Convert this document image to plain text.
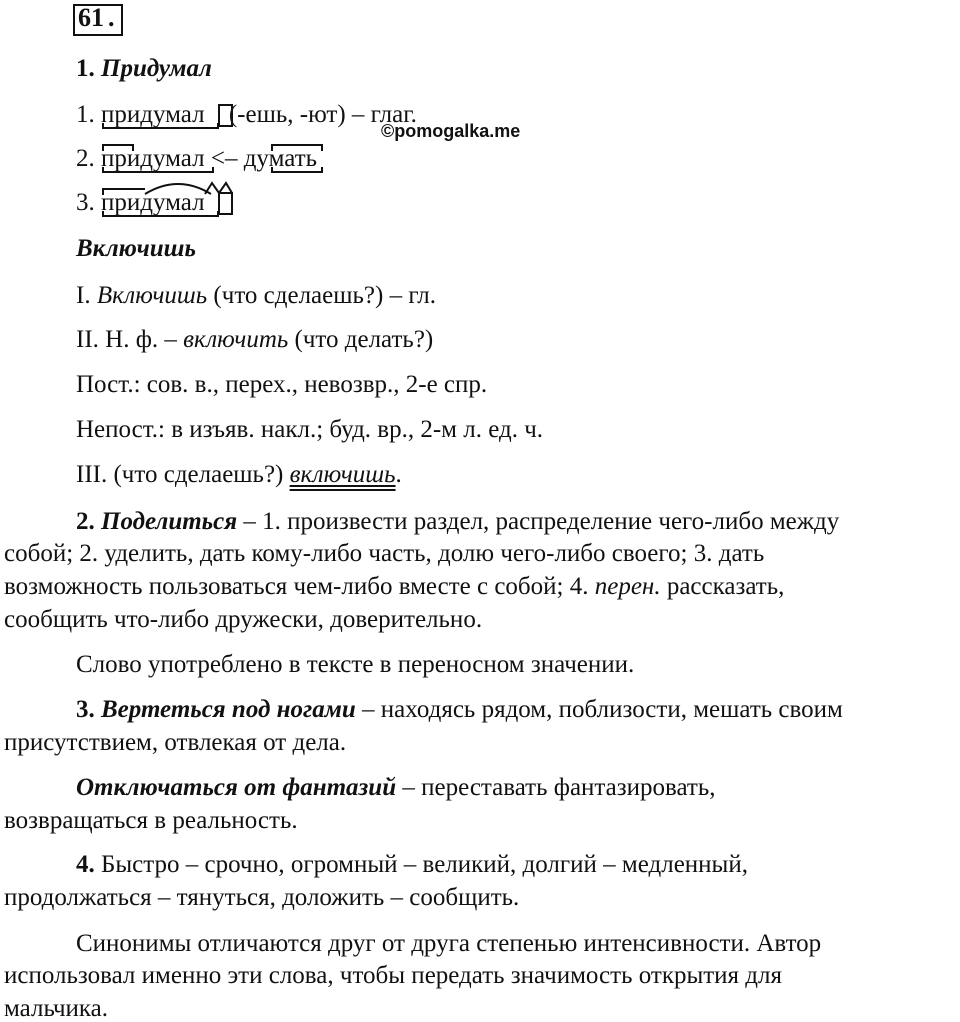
61 .
1. Придумал
1. придумал (-ешь, -ют) – глаг.
©pomogalka.me
2. придумал <– думать
3. придумал
Включишь
I. Включишь (что сделаешь?) – гл.
II. Н. ф. – включить (что делать?)
Пост.: сов. в., перех., невозвр., 2-е спр.
Непост.: в изъяв. накл.; буд. вр., 2-м л. ед. ч.
III. (что сделаешь?) включишь.
2. Поделиться – 1. произвести раздел, распределение чего-либо между
собой; 2. уделить, дать кому-либо часть, долю чего-либо своего; 3. дать
возможность пользоваться чем-либо вместе с собой; 4. перен. рассказать,
сообщить что-либо дружески, доверительно.
Слово употреблено в тексте в переносном значении.
3. Вертеться под ногами – находясь рядом, поблизости, мешать своим
присутствием, отвлекая от дела.
Отключаться от фантазий – переставать фантазировать,
возвращаться в реальность.
4. Быстро – срочно, огромный – великий, долгий – медленный,
продолжаться – тянуться, доложить – сообщить.
Синонимы отличаются друг от друга степенью интенсивности. Автор
использовал именно эти слова, чтобы передать значимость открытия для
мальчика.
